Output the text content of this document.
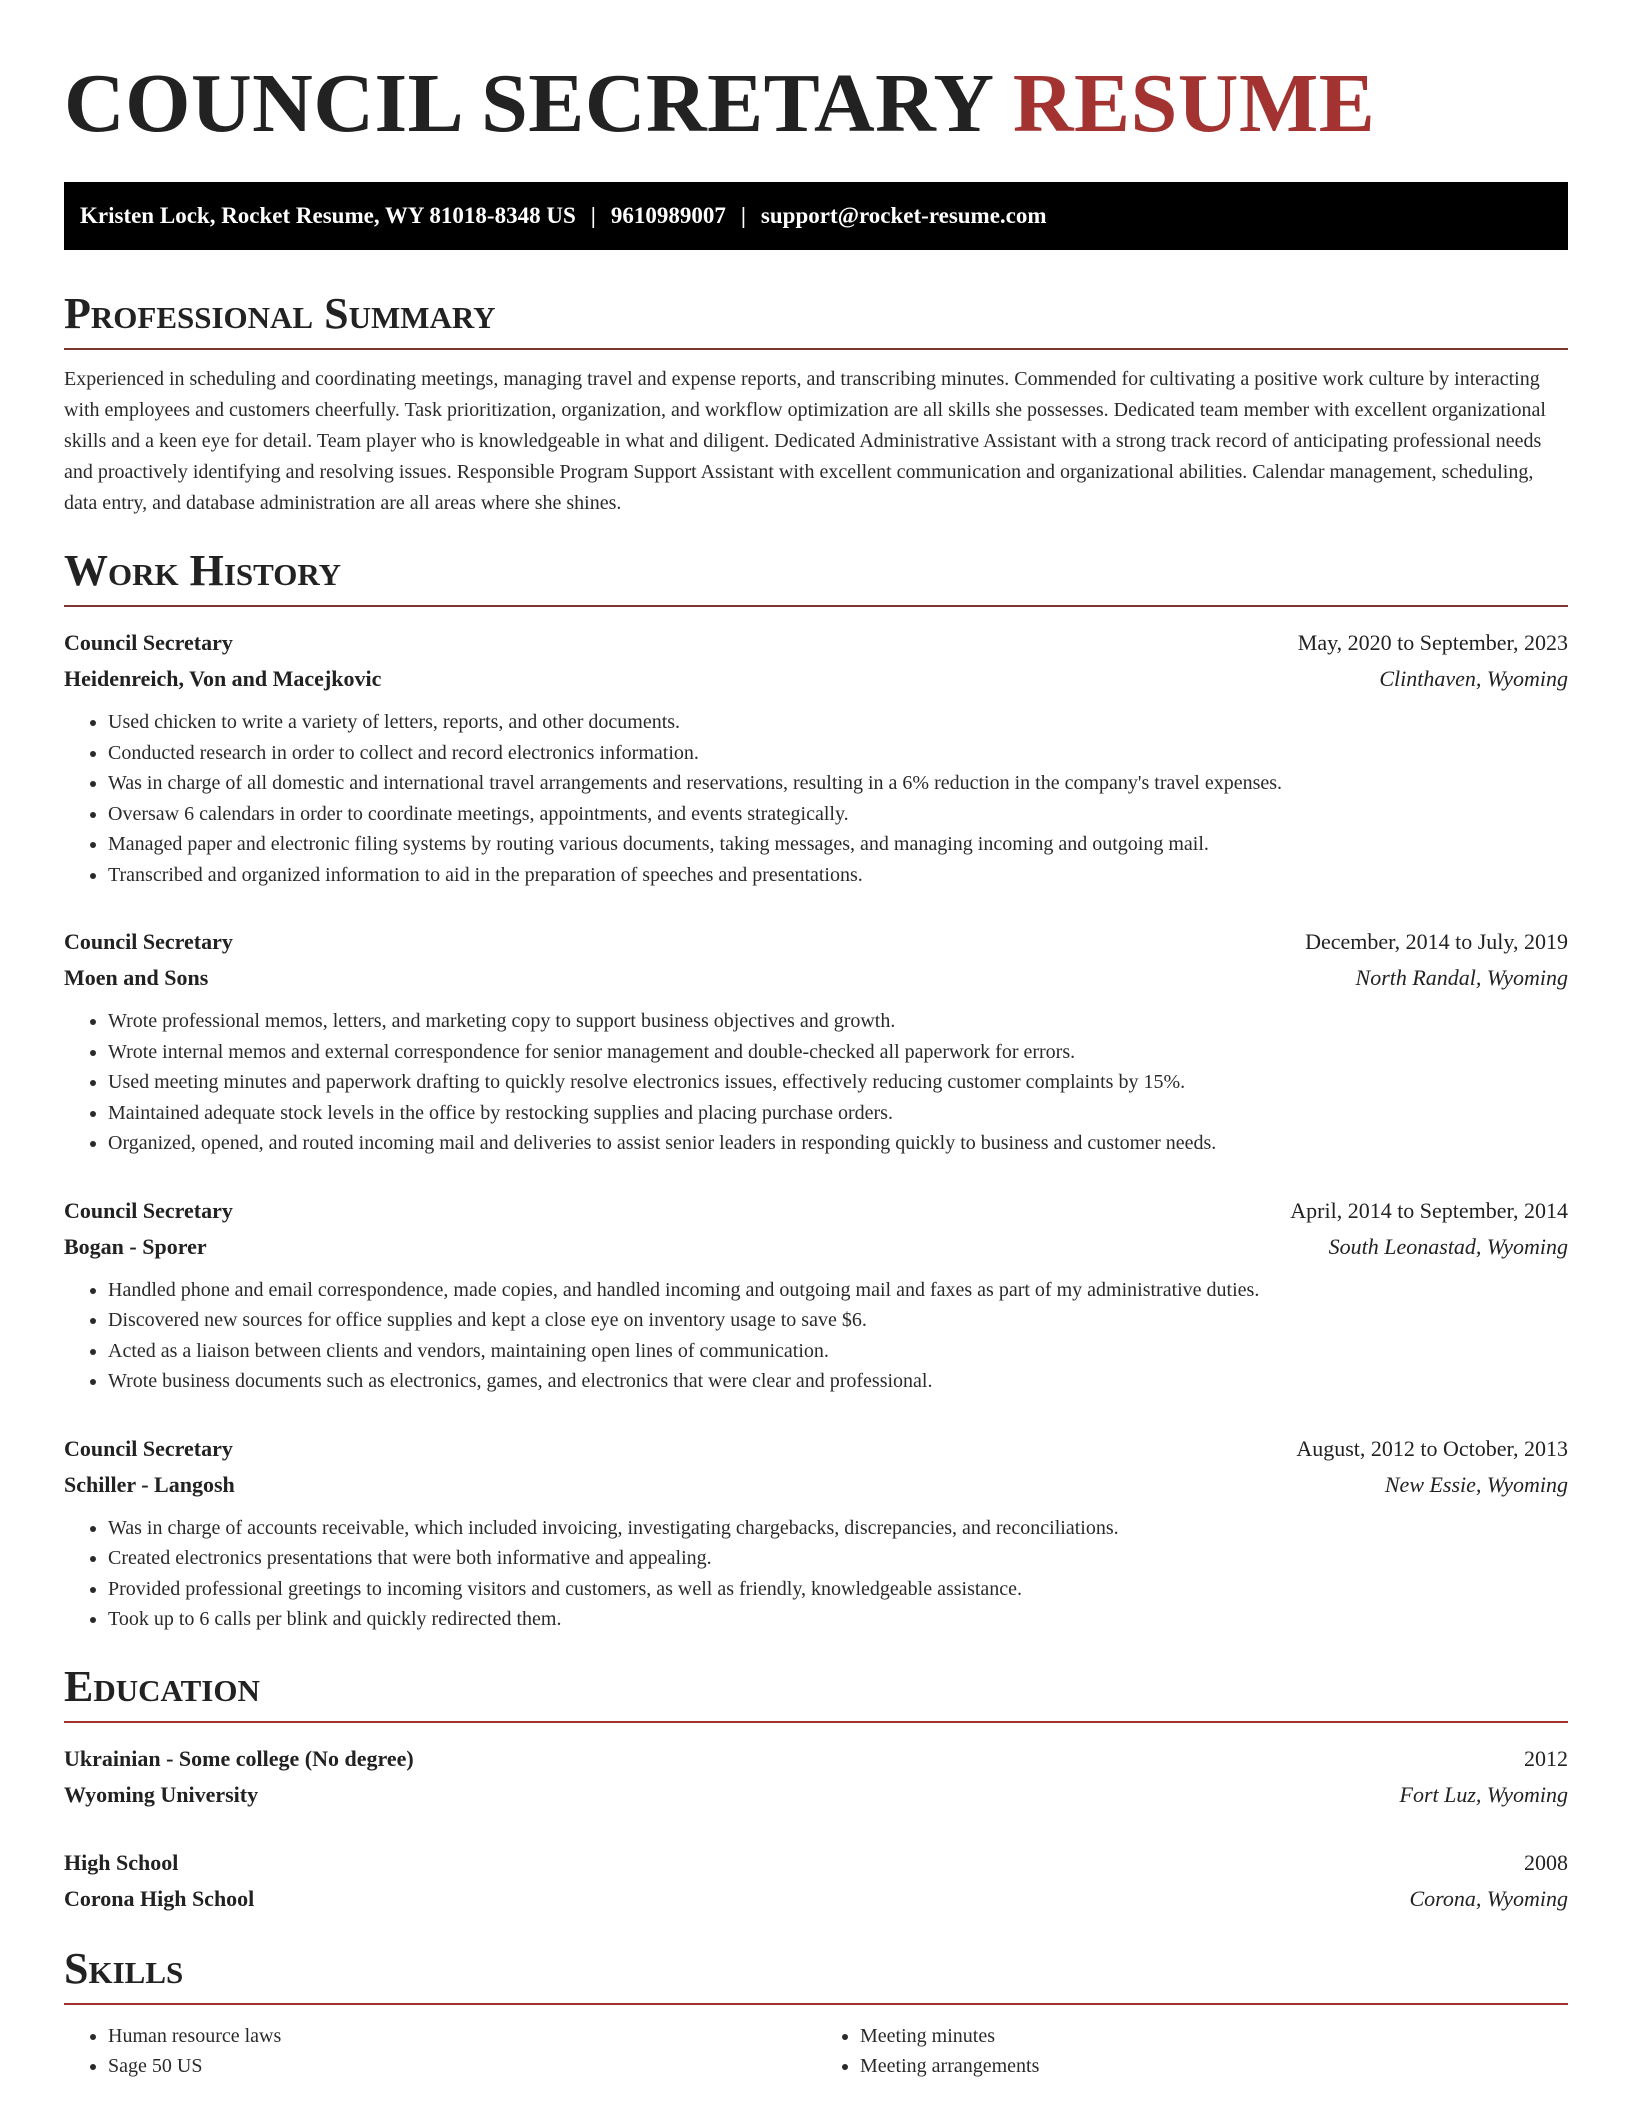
COUNCIL SECRETARY RESUME
Kristen Lock, Rocket Resume, WY 81018-8348 US | 9610989007 | support@rocket-resume.com
Professional Summary

Experienced in scheduling and coordinating meetings, managing travel and expense reports, and transcribing minutes. Commended for cultivating a positive work culture by interacting with employees and customers cheerfully. Task prioritization, organization, and workflow optimization are all skills she possesses. Dedicated team member with excellent organizational skills and a keen eye for detail. Team player who is knowledgeable in what and diligent. Dedicated Administrative Assistant with a strong track record of anticipating professional needs and proactively identifying and resolving issues. Responsible Program Support Assistant with excellent communication and organizational abilities. Calendar management, scheduling, data entry, and database administration are all areas where she shines.

Work History
Council Secretary	May, 2020 to September, 2023
Heidenreich, Von and Macejkovic	Clinthaven, Wyoming
• Used chicken to write a variety of letters, reports, and other documents.
• Conducted research in order to collect and record electronics information.
• Was in charge of all domestic and international travel arrangements and reservations, resulting in a 6% reduction in the company's travel expenses.
• Oversaw 6 calendars in order to coordinate meetings, appointments, and events strategically.
• Managed paper and electronic filing systems by routing various documents, taking messages, and managing incoming and outgoing mail.
• Transcribed and organized information to aid in the preparation of speeches and presentations.
Council Secretary	December, 2014 to July, 2019
Moen and Sons	North Randal, Wyoming
• Wrote professional memos, letters, and marketing copy to support business objectives and growth.
• Wrote internal memos and external correspondence for senior management and double-checked all paperwork for errors.
• Used meeting minutes and paperwork drafting to quickly resolve electronics issues, effectively reducing customer complaints by 15%.
• Maintained adequate stock levels in the office by restocking supplies and placing purchase orders.
• Organized, opened, and routed incoming mail and deliveries to assist senior leaders in responding quickly to business and customer needs.
Council Secretary	April, 2014 to September, 2014
Bogan - Sporer	South Leonastad, Wyoming
• Handled phone and email correspondence, made copies, and handled incoming and outgoing mail and faxes as part of my administrative duties.
• Discovered new sources for office supplies and kept a close eye on inventory usage to save $6.
• Acted as a liaison between clients and vendors, maintaining open lines of communication.
• Wrote business documents such as electronics, games, and electronics that were clear and professional.
Council Secretary	August, 2012 to October, 2013
Schiller - Langosh	New Essie, Wyoming
• Was in charge of accounts receivable, which included invoicing, investigating chargebacks, discrepancies, and reconciliations.
• Created electronics presentations that were both informative and appealing.
• Provided professional greetings to incoming visitors and customers, as well as friendly, knowledgeable assistance.
• Took up to 6 calls per blink and quickly redirected them.
Education
Ukrainian - Some college (No degree)	2012
Wyoming University	Fort Luz, Wyoming
High School	2008
Corona High School	Corona, Wyoming
Skills
• Human resource laws
• Sage 50 US
• Meeting minutes
• Meeting arrangements
